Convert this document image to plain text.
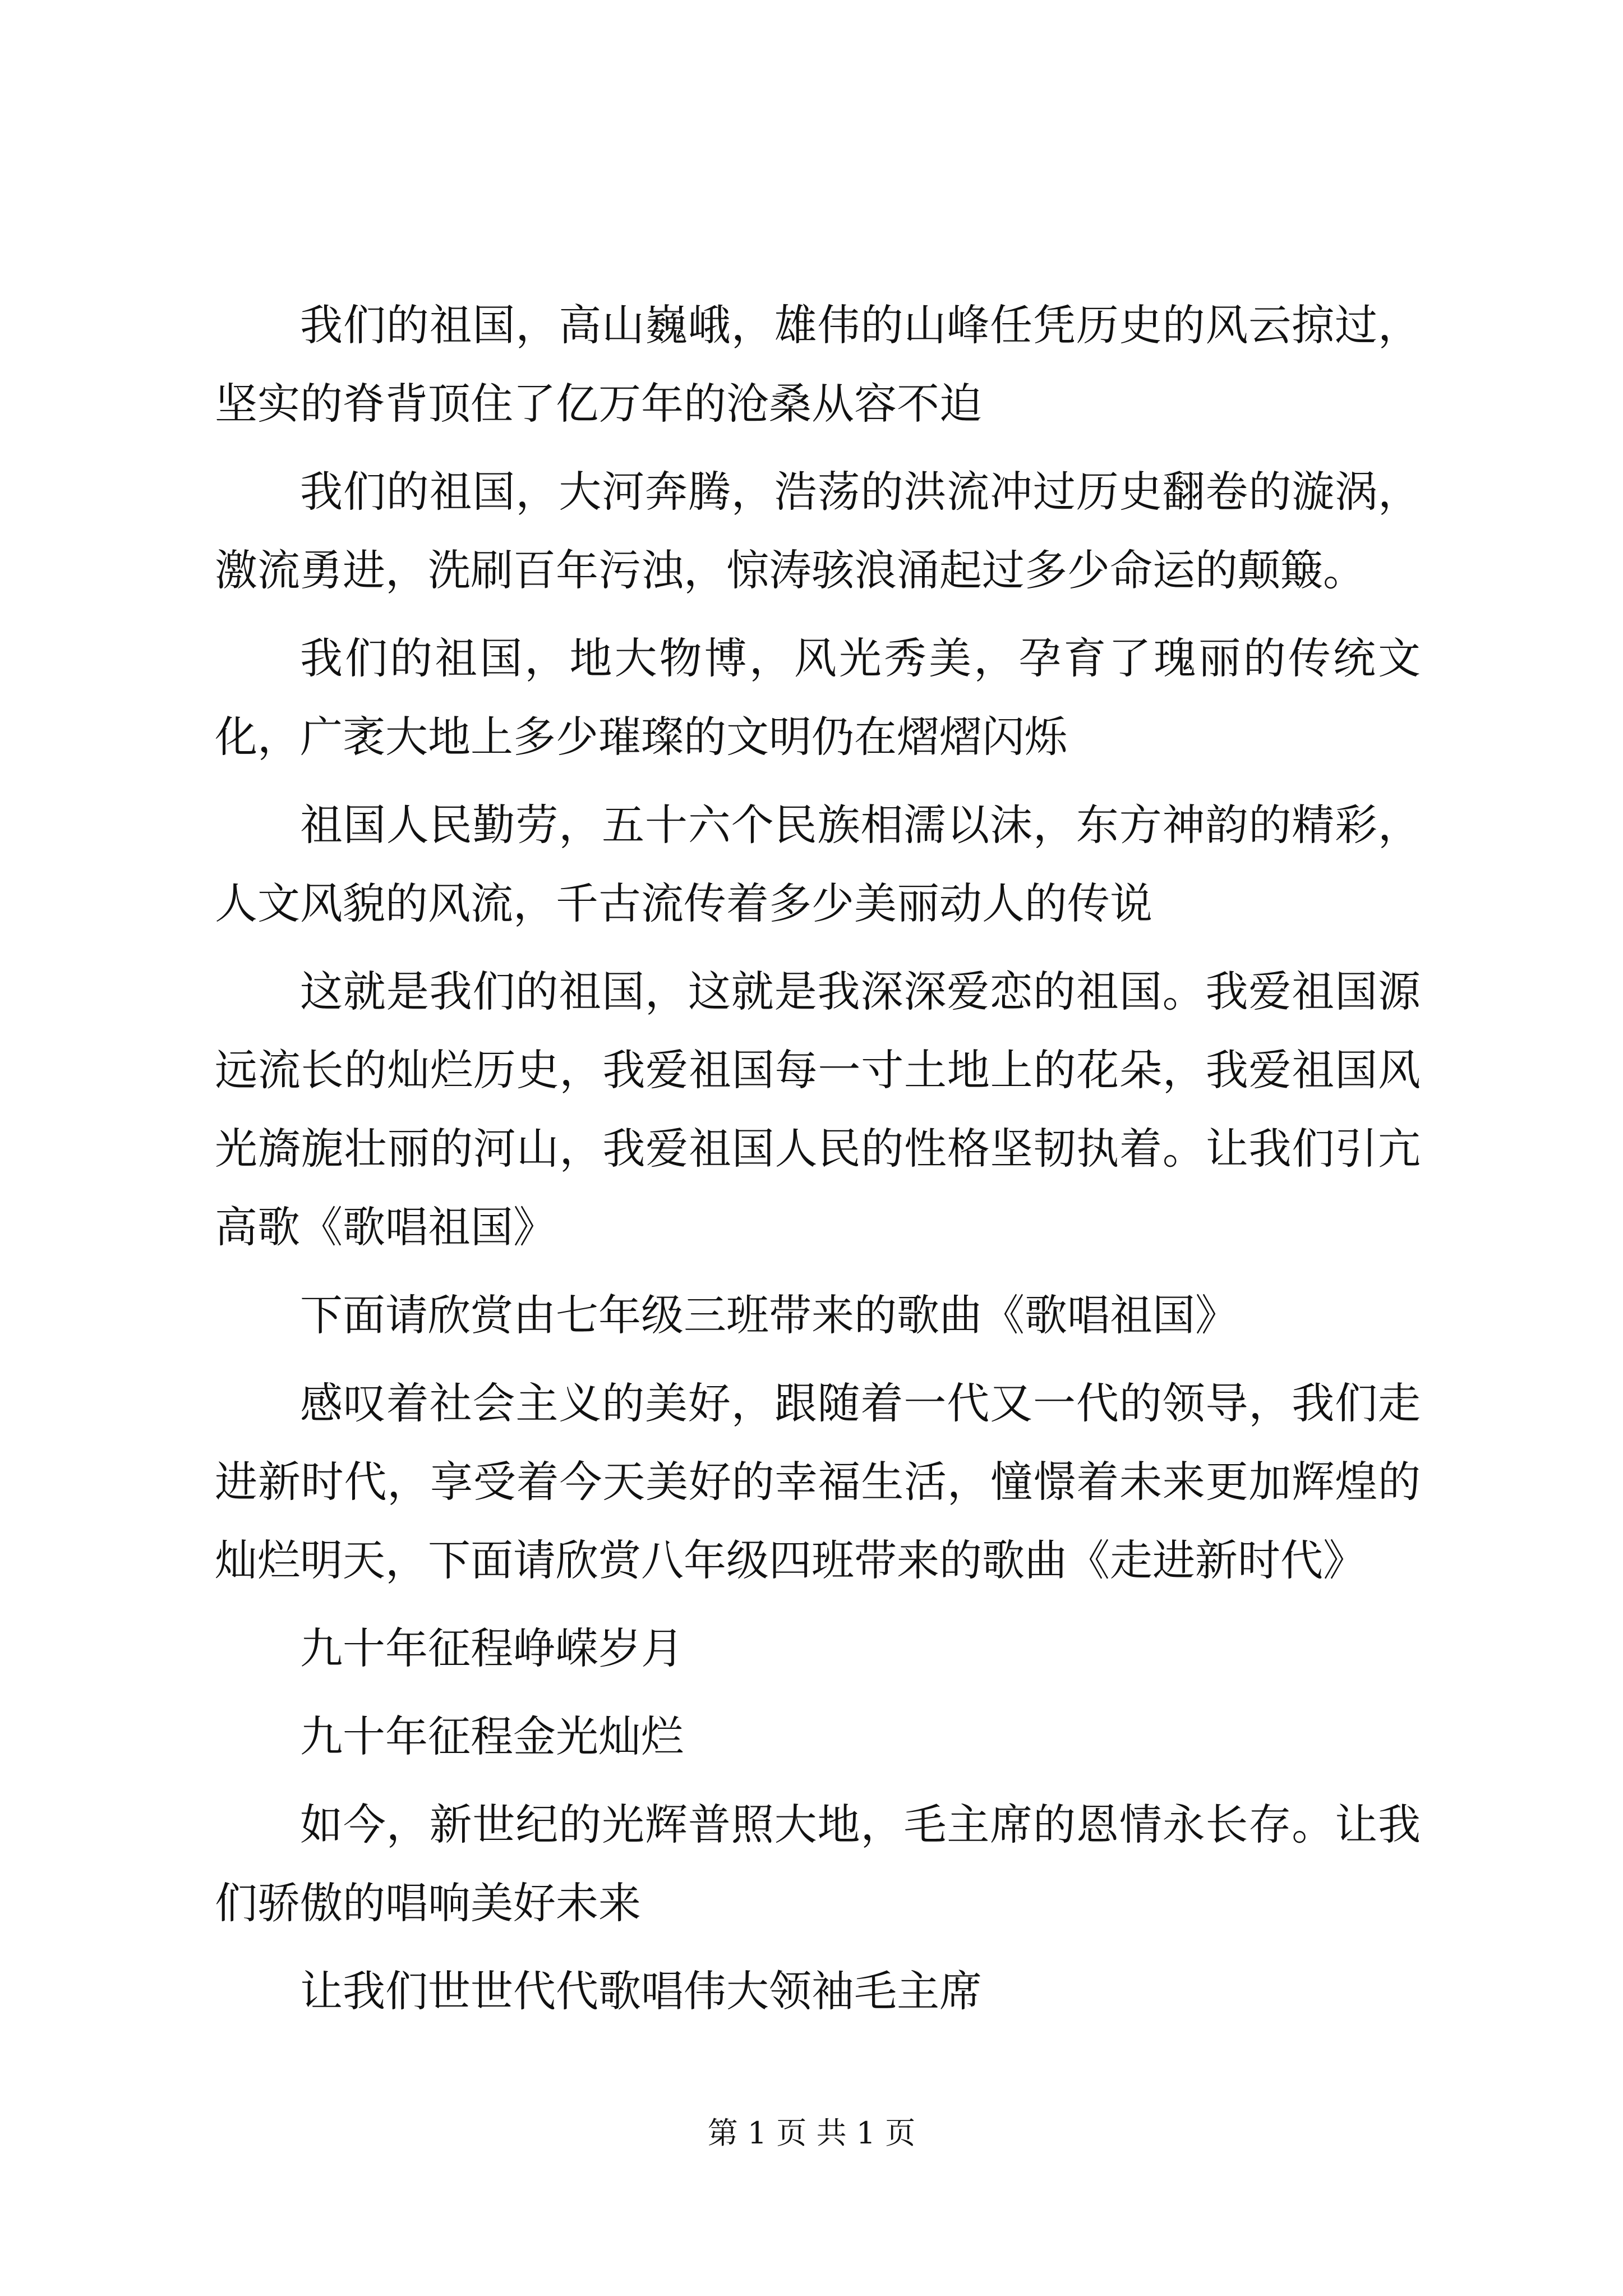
我们的祖国，高山巍峨，雄伟的山峰任凭历史的风云掠过，坚实的脊背顶住了亿万年的沧桑从容不迫

我们的祖国，大河奔腾，浩荡的洪流冲过历史翻卷的漩涡，激流勇进，洗刷百年污浊，惊涛骇浪涌起过多少命运的颠簸。

我们的祖国，地大物博，风光秀美，孕育了瑰丽的传统文化，广袤大地上多少璀璨的文明仍在熠熠闪烁

祖国人民勤劳，五十六个民族相濡以沫，东方神韵的精彩，人文风貌的风流，千古流传着多少美丽动人的传说

这就是我们的祖国，这就是我深深爱恋的祖国。我爱祖国源远流长的灿烂历史，我爱祖国每一寸土地上的花朵，我爱祖国风光旖旎壮丽的河山，我爱祖国人民的性格坚韧执着。让我们引亢高歌《歌唱祖国》

下面请欣赏由七年级三班带来的歌曲《歌唱祖国》

感叹着社会主义的美好，跟随着一代又一代的领导，我们走进新时代，享受着今天美好的幸福生活，憧憬着未来更加辉煌的灿烂明天，下面请欣赏八年级四班带来的歌曲《走进新时代》

九十年征程峥嵘岁月

九十年征程金光灿烂

如今，新世纪的光辉普照大地，毛主席的恩情永长存。让我们骄傲的唱响美好未来

让我们世世代代歌唱伟大领袖毛主席

第 1 页 共 1 页
